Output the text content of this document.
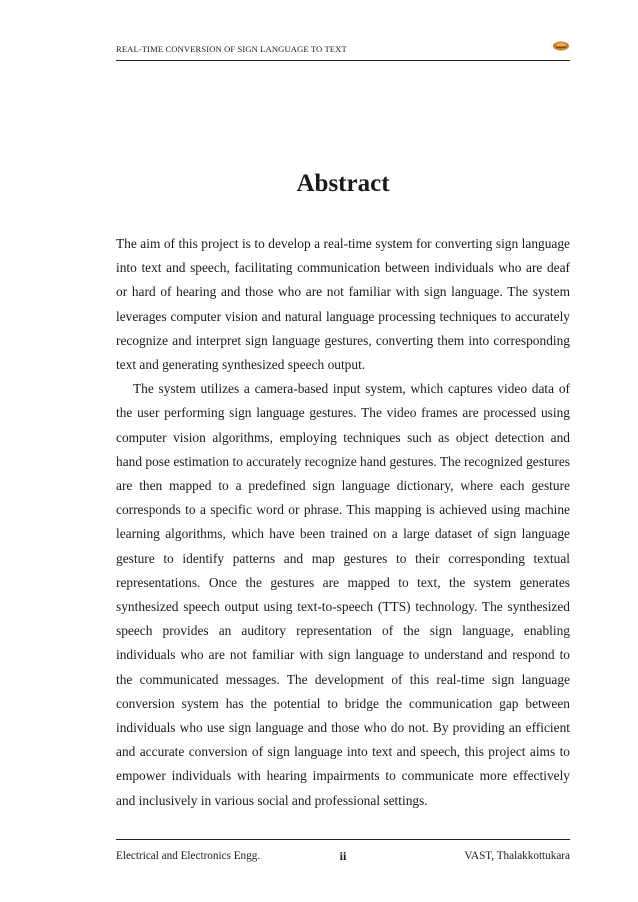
REAL-TIME CONVERSION OF SIGN LANGUAGE TO TEXT
Abstract

The aim of this project is to develop a real-time system for converting sign language into text and speech, facilitating communication between individuals who are deaf or hard of hearing and those who are not familiar with sign language. The system leverages computer vision and natural language processing techniques to accurately recognize and interpret sign language gestures, converting them into corresponding text and generating synthesized speech output.

The system utilizes a camera-based input system, which captures video data of the user performing sign language gestures. The video frames are processed using computer vision algorithms, employing techniques such as object detection and hand pose estimation to accurately recognize hand gestures. The recognized gestures are then mapped to a predefined sign language dictionary, where each gesture corresponds to a specific word or phrase. This mapping is achieved using machine learning algorithms, which have been trained on a large dataset of sign language gesture to identify patterns and map gestures to their corresponding textual representations. Once the gestures are mapped to text, the system generates synthesized speech output using text-to-speech (TTS) technology. The synthesized speech provides an auditory representation of the sign language, enabling individuals who are not familiar with sign language to understand and respond to the communicated messages. The development of this real-time sign language conversion system has the potential to bridge the communication gap between individuals who use sign language and those who do not. By providing an efficient and accurate conversion of sign language into text and speech, this project aims to empower individuals with hearing impairments to communicate more effectively and inclusively in various social and professional settings.

Electrical and Electronics Engg.	ii	VAST, Thalakkottukara
